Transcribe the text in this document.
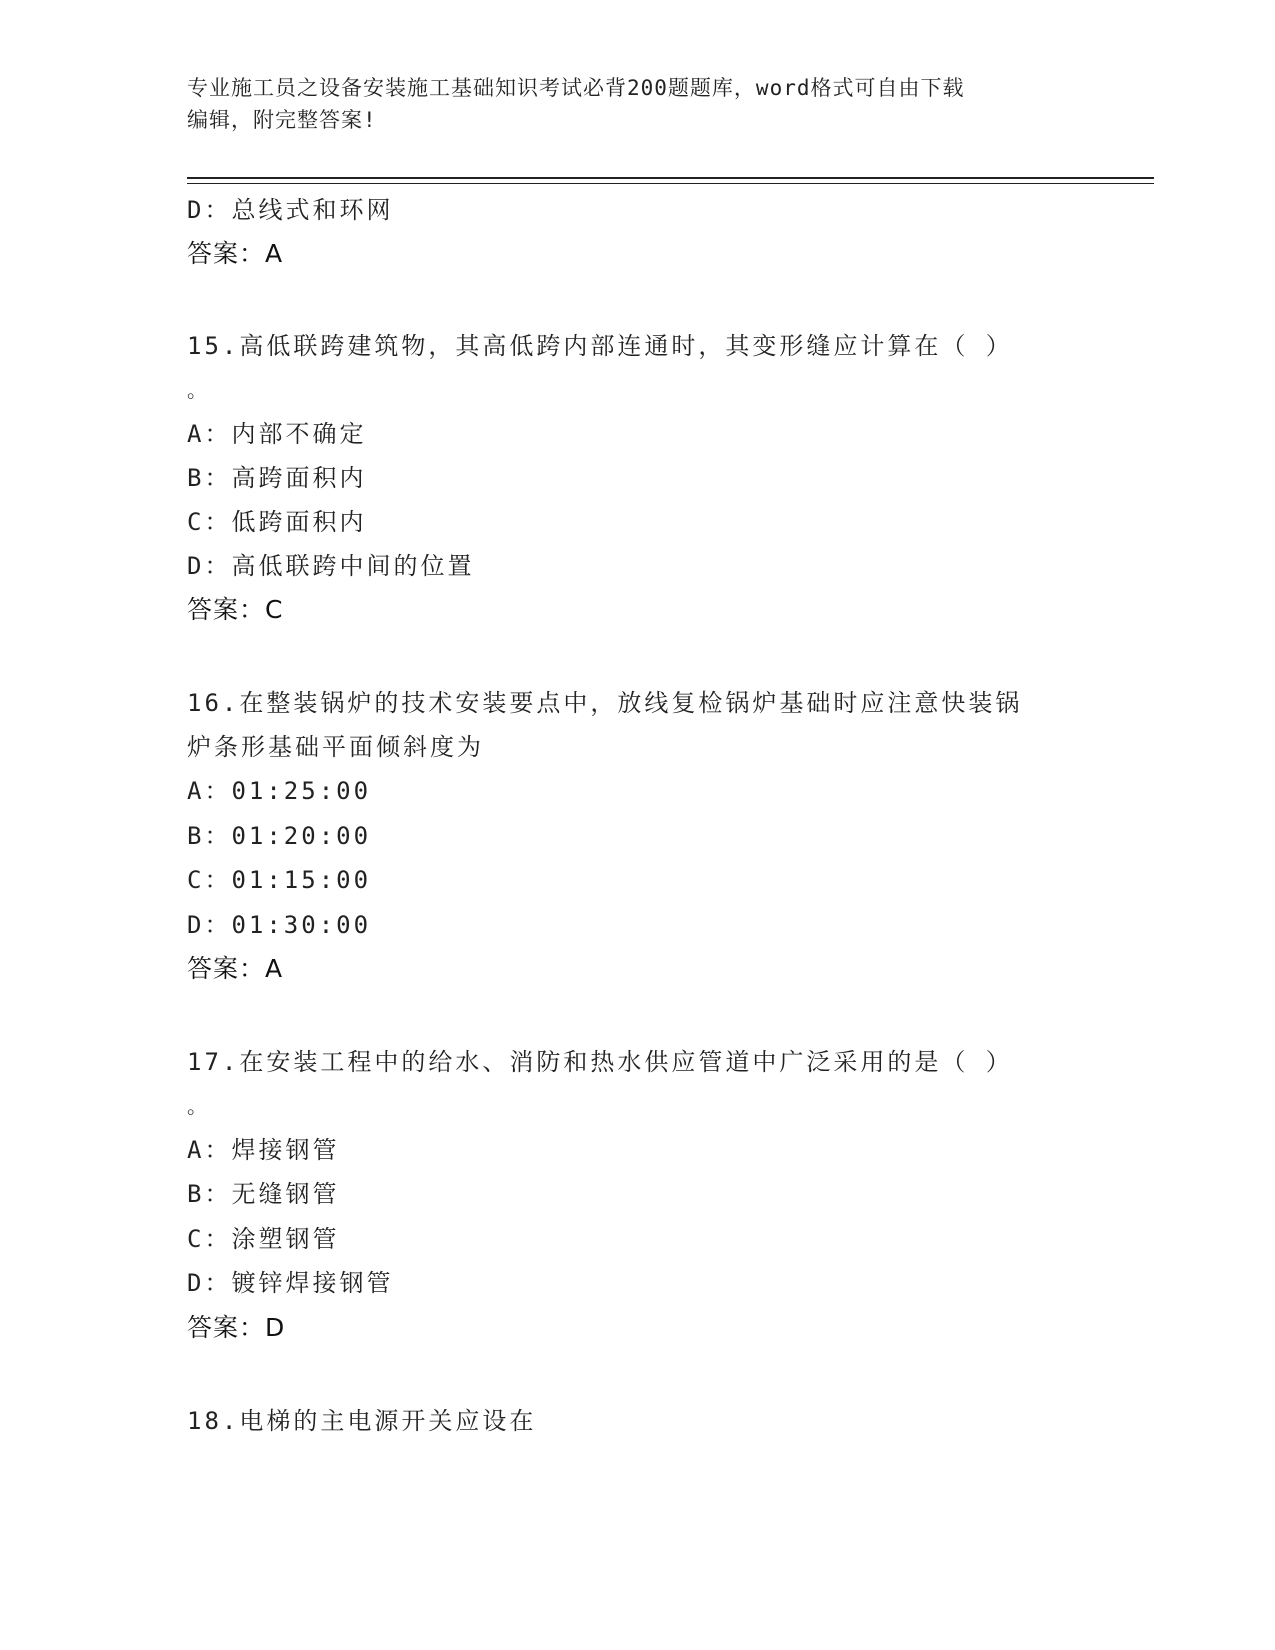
专业施工员之设备安装施工基础知识考试必背200题题库，word格式可自由下载
编辑，附完整答案!
D：总线式和环网
答案：A
15.高低联跨建筑物，其高低跨内部连通时，其变形缝应计算在（ ）
。
A：内部不确定
B：高跨面积内
C：低跨面积内
D：高低联跨中间的位置
答案：C
16.在整装锅炉的技术安装要点中，放线复检锅炉基础时应注意快装锅
炉条形基础平面倾斜度为
A：01:25:00
B：01:20:00
C：01:15:00
D：01:30:00
答案：A
17.在安装工程中的给水、消防和热水供应管道中广泛采用的是（ ）
。
A：焊接钢管
B：无缝钢管
C：涂塑钢管
D：镀锌焊接钢管
答案：D
18.电梯的主电源开关应设在
